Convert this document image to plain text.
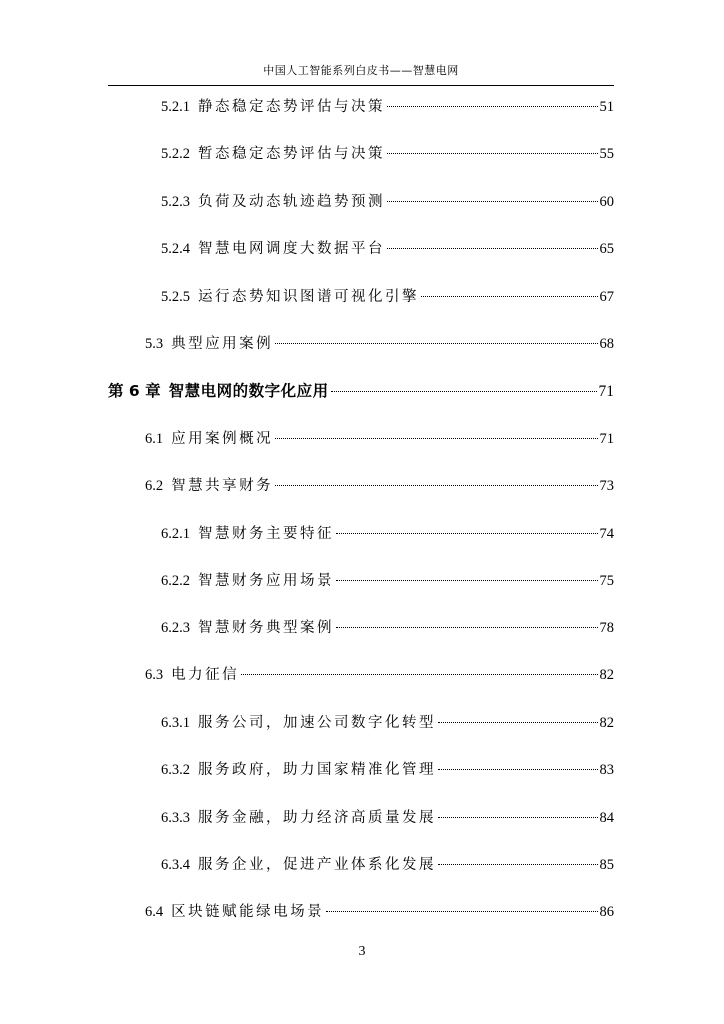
中国人工智能系列白皮书——智慧电网
5.2.1 静态稳定态势评估与决策	51
5.2.2 暂态稳定态势评估与决策	55
5.2.3 负荷及动态轨迹趋势预测	60
5.2.4 智慧电网调度大数据平台	65
5.2.5 运行态势知识图谱可视化引擎	67
5.3 典型应用案例	68
第 6 章 智慧电网的数字化应用	71
6.1 应用案例概况	71
6.2 智慧共享财务	73
6.2.1 智慧财务主要特征	74
6.2.2 智慧财务应用场景	75
6.2.3 智慧财务典型案例	78
6.3 电力征信	82
6.3.1 服务公司，加速公司数字化转型	82
6.3.2 服务政府，助力国家精准化管理	83
6.3.3 服务金融，助力经济高质量发展	84
6.3.4 服务企业，促进产业体系化发展	85
6.4 区块链赋能绿电场景	86
3
